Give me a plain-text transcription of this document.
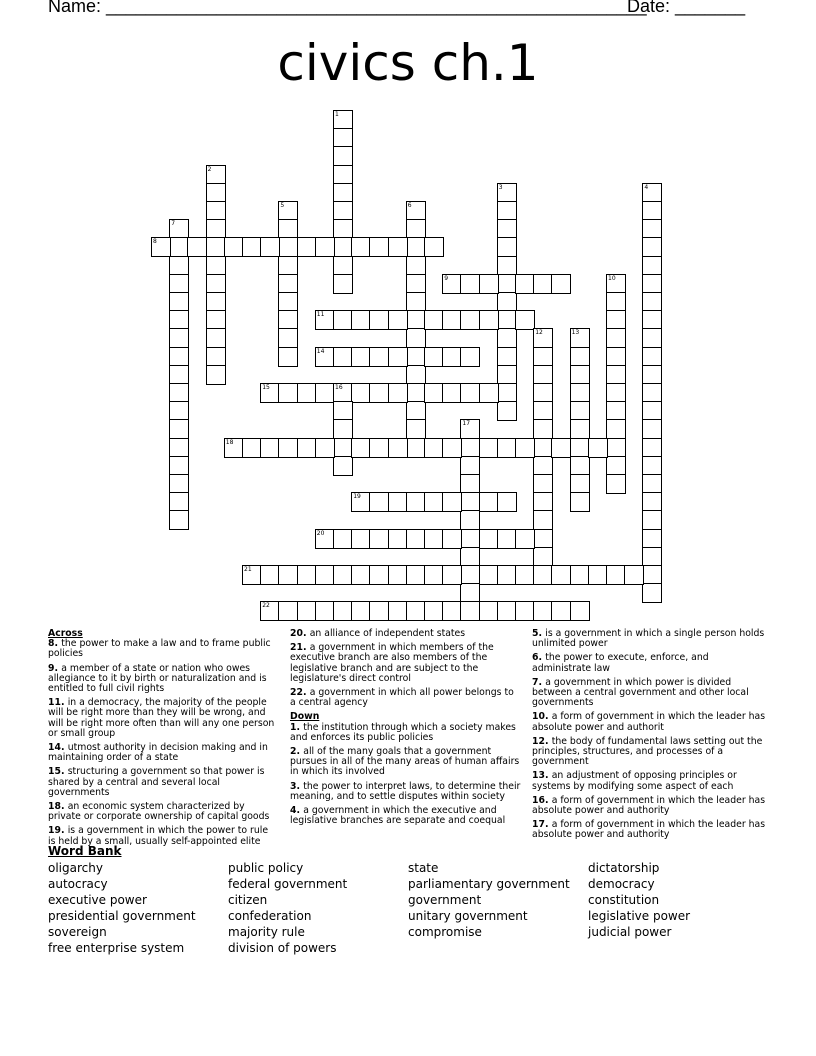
Name: ______________________________________________________
Date: _______
civics ch.1
1
2
3	4
5	6
7
8
9	10
11
12	13
14
15	16
17
18
19
20
21
22
Across
8. the power to make a law and to frame public policies
9. a member of a state or nation who owes allegiance to it by birth or naturalization and is entitled to full civil rights
11. in a democracy, the majority of the people will be right more than they will be wrong, and will be right more often than will any one person or small group
14. utmost authority in decision making and in maintaining order of a state
15. structuring a government so that power is shared by a central and several local governments
18. an economic system characterized by private or corporate ownership of capital goods
19. is a government in which the power to rule is held by a small, usually self-appointed elite
20. an alliance of independent states
21. a government in which members of the executive branch are also members of the legislative branch and are subject to the legislature's direct control
22. a government in which all power belongs to a central agency
Down
1. the institution through which a society makes and enforces its public policies
2. all of the many goals that a government pursues in all of the many areas of human affairs in which its involved
3. the power to interpret laws, to determine their meaning, and to settle disputes within society
4. a government in which the executive and legislative branches are separate and coequal
5. is a government in which a single person holds unlimited power
6. the power to execute, enforce, and administrate law
7. a government in which power is divided between a central government and other local governments
10. a form of government in which the leader has absolute power and authorit
12. the body of fundamental laws setting out the principles, structures, and processes of a government
13. an adjustment of opposing principles or systems by modifying some aspect of each
16. a form of government in which the leader has absolute power and authority
17. a form of government in which the leader has absolute power and authority
Word Bank
oligarchy
autocracy
executive power
presidential government
sovereign
free enterprise system
public policy
federal government
citizen
confederation
majority rule
division of powers
state
parliamentary government
government
unitary government
compromise
dictatorship
democracy
constitution
legislative power
judicial power
